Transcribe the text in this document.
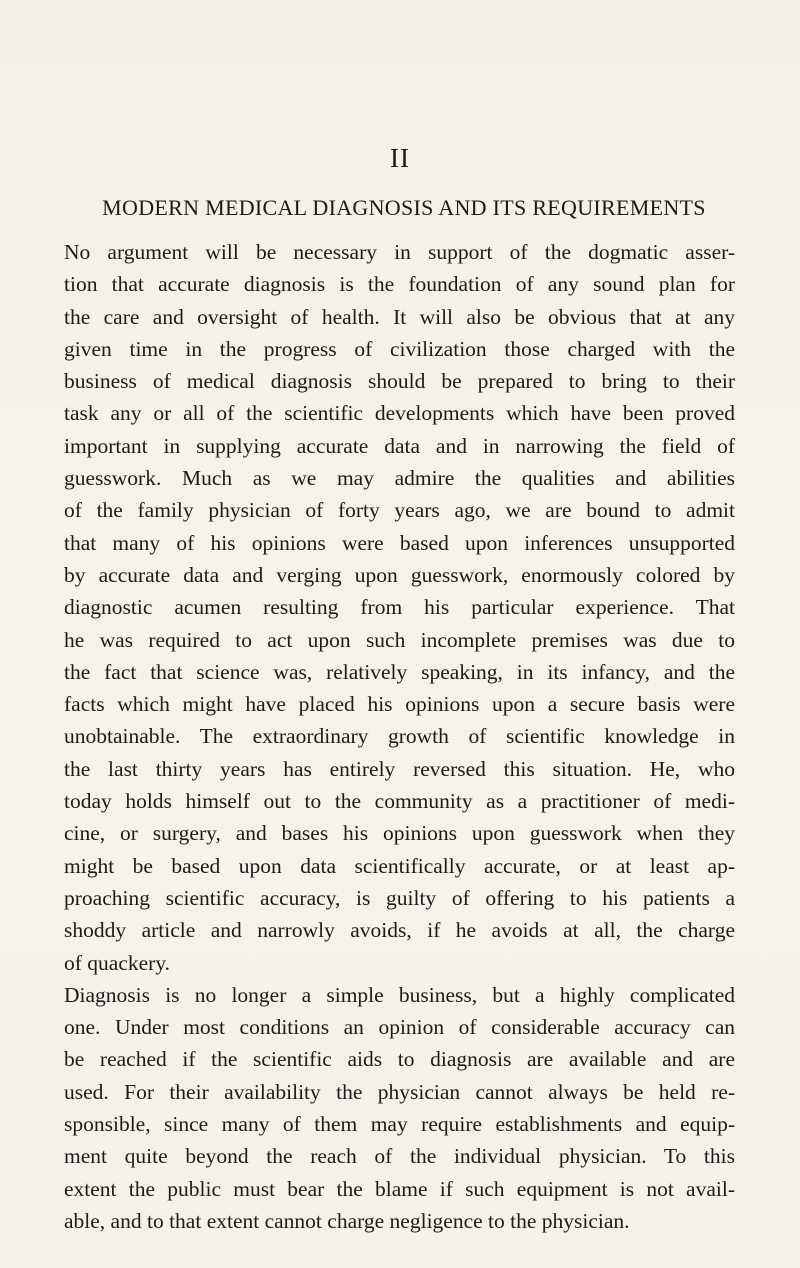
II
MODERN MEDICAL DIAGNOSIS AND ITS REQUIREMENTS
No argument will be necessary in support of the dogmatic asser-
tion that accurate diagnosis is the foundation of any sound plan for
the care and oversight of health. It will also be obvious that at any
given time in the progress of civilization those charged with the
business of medical diagnosis should be prepared to bring to their
task any or all of the scientific developments which have been proved
important in supplying accurate data and in narrowing the field of
guesswork. Much as we may admire the qualities and abilities
of the family physician of forty years ago, we are bound to admit
that many of his opinions were based upon inferences unsupported
by accurate data and verging upon guesswork, enormously colored by
diagnostic acumen resulting from his particular experience. That
he was required to act upon such incomplete premises was due to
the fact that science was, relatively speaking, in its infancy, and the
facts which might have placed his opinions upon a secure basis were
unobtainable. The extraordinary growth of scientific knowledge in
the last thirty years has entirely reversed this situation. He, who
today holds himself out to the community as a practitioner of medi-
cine, or surgery, and bases his opinions upon guesswork when they
might be based upon data scientifically accurate, or at least ap-
proaching scientific accuracy, is guilty of offering to his patients a
shoddy article and narrowly avoids, if he avoids at all, the charge
of quackery.
Diagnosis is no longer a simple business, but a highly complicated
one. Under most conditions an opinion of considerable accuracy can
be reached if the scientific aids to diagnosis are available and are
used. For their availability the physician cannot always be held re-
sponsible, since many of them may require establishments and equip-
ment quite beyond the reach of the individual physician. To this
extent the public must bear the blame if such equipment is not avail-
able, and to that extent cannot charge negligence to the physician.
